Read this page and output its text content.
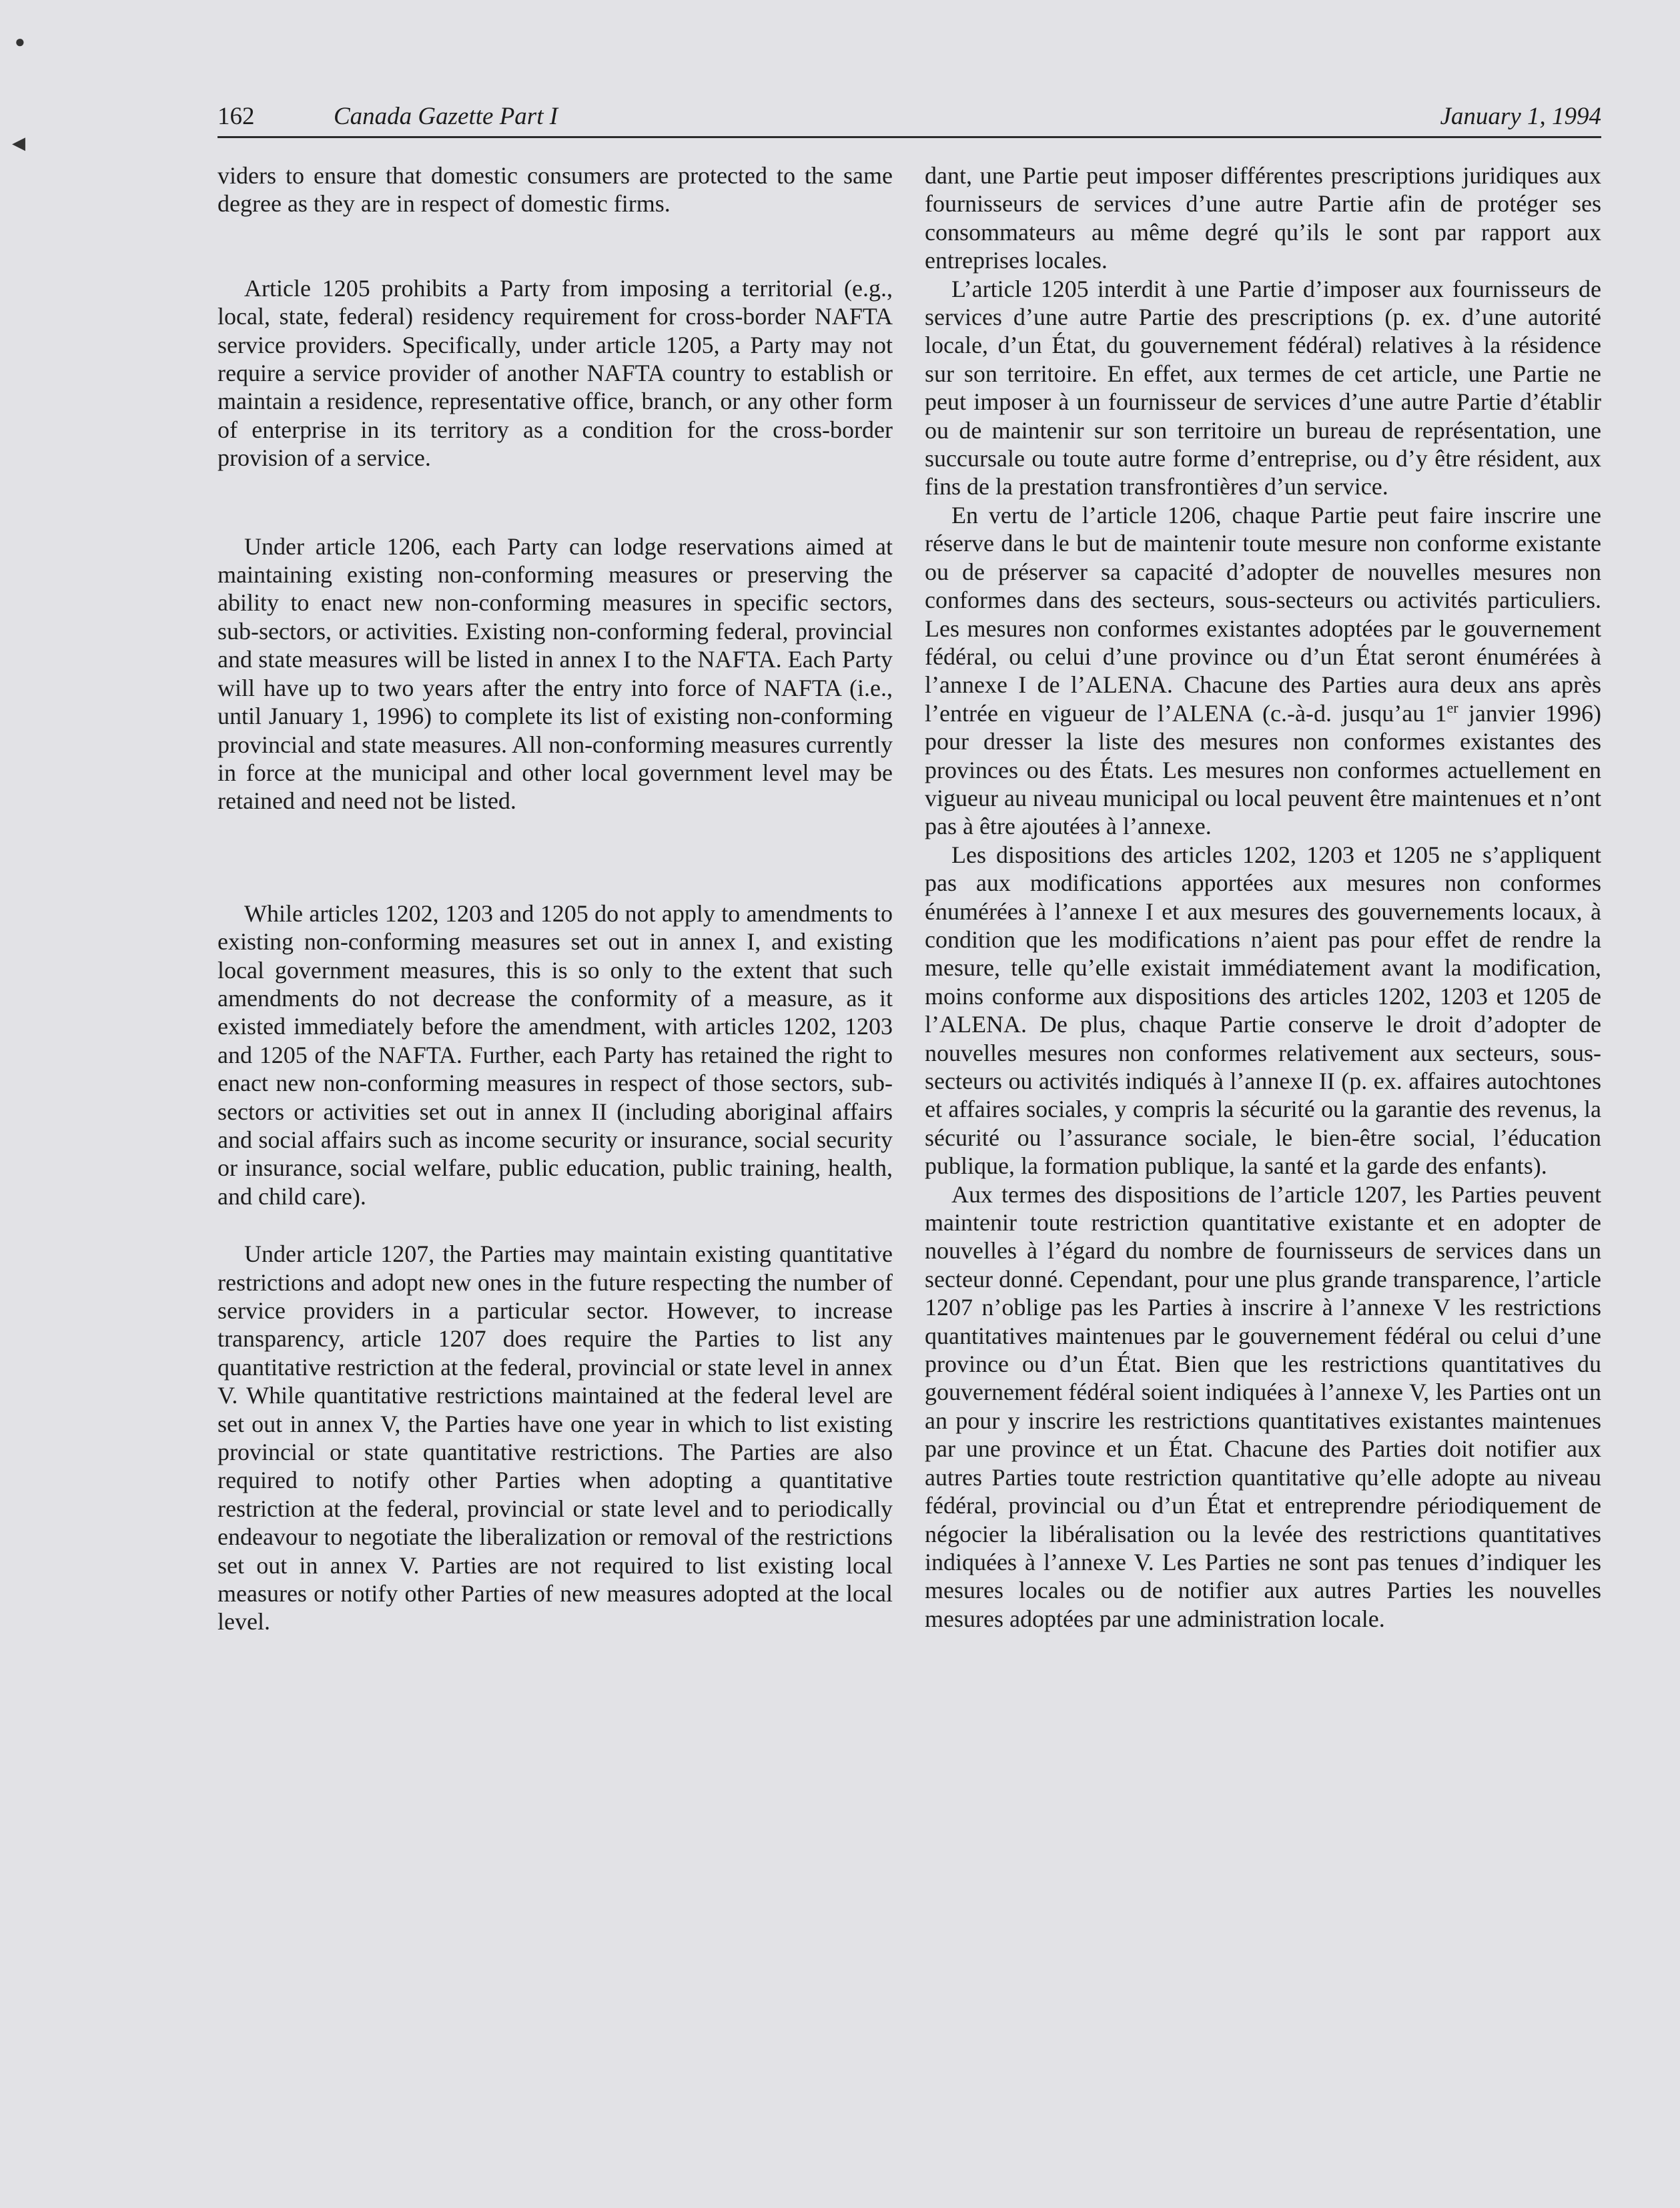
●
◀
162	Canada Gazette Part I	January 1, 1994

viders to ensure that domestic consumers are protected to the same degree as they are in respect of domestic firms.

Article 1205 prohibits a Party from imposing a territorial (e.g., local, state, federal) residency requirement for cross-border NAFTA service providers. Specifically, under article 1205, a Party may not require a service provider of another NAFTA country to establish or maintain a residence, representative office, branch, or any other form of enterprise in its territory as a condition for the cross-border provision of a service.

Under article 1206, each Party can lodge reservations aimed at maintaining existing non-conforming measures or preserving the ability to enact new non-conforming measures in specific sectors, sub-sectors, or activities. Existing non-conforming federal, provincial and state measures will be listed in annex I to the NAFTA. Each Party will have up to two years after the entry into force of NAFTA (i.e., until January 1, 1996) to complete its list of existing non-conforming provincial and state measures. All non-conforming measures currently in force at the municipal and other local government level may be retained and need not be listed.

While articles 1202, 1203 and 1205 do not apply to amendments to existing non-conforming measures set out in annex I, and existing local government measures, this is so only to the extent that such amendments do not decrease the conformity of a measure, as it existed immediately before the amendment, with articles 1202, 1203 and 1205 of the NAFTA. Further, each Party has retained the right to enact new non-conforming measures in respect of those sectors, sub-sectors or activities set out in annex II (including aboriginal affairs and social affairs such as income security or insurance, social security or insurance, social welfare, public education, public training, health, and child care).

Under article 1207, the Parties may maintain existing quantitative restrictions and adopt new ones in the future respecting the number of service providers in a particular sector. However, to increase transparency, article 1207 does require the Parties to list any quantitative restriction at the federal, provincial or state level in annex V. While quantitative restrictions maintained at the federal level are set out in annex V, the Parties have one year in which to list existing provincial or state quantitative restrictions. The Parties are also required to notify other Parties when adopting a quantitative restriction at the federal, provincial or state level and to periodically endeavour to negotiate the liberalization or removal of the restrictions set out in annex V. Parties are not required to list existing local measures or notify other Parties of new measures adopted at the local level.

dant, une Partie peut imposer différentes prescriptions juridiques aux fournisseurs de services d’une autre Partie afin de protéger ses consommateurs au même degré qu’ils le sont par rapport aux entreprises locales.

L’article 1205 interdit à une Partie d’imposer aux fournisseurs de services d’une autre Partie des prescriptions (p. ex. d’une autorité locale, d’un État, du gouvernement fédéral) relatives à la résidence sur son territoire. En effet, aux termes de cet article, une Partie ne peut imposer à un fournisseur de services d’une autre Partie d’établir ou de maintenir sur son territoire un bureau de représentation, une succursale ou toute autre forme d’entreprise, ou d’y être résident, aux fins de la prestation transfrontières d’un service.

En vertu de l’article 1206, chaque Partie peut faire inscrire une réserve dans le but de maintenir toute mesure non conforme existante ou de préserver sa capacité d’adopter de nouvelles mesures non conformes dans des secteurs, sous-secteurs ou activités particuliers. Les mesures non conformes existantes adoptées par le gouvernement fédéral, ou celui d’une province ou d’un État seront énumérées à l’annexe I de l’ALENA. Chacune des Parties aura deux ans après l’entrée en vigueur de l’ALENA (c.-à-d. jusqu’au 1er janvier 1996) pour dresser la liste des mesures non conformes existantes des provinces ou des États. Les mesures non conformes actuellement en vigueur au niveau municipal ou local peuvent être maintenues et n’ont pas à être ajoutées à l’annexe.

Les dispositions des articles 1202, 1203 et 1205 ne s’appliquent pas aux modifications apportées aux mesures non conformes énumérées à l’annexe I et aux mesures des gouvernements locaux, à condition que les modifications n’aient pas pour effet de rendre la mesure, telle qu’elle existait immédiatement avant la modification, moins conforme aux dispositions des articles 1202, 1203 et 1205 de l’ALENA. De plus, chaque Partie conserve le droit d’adopter de nouvelles mesures non conformes relativement aux secteurs, sous-secteurs ou activités indiqués à l’annexe II (p. ex. affaires autochtones et affaires sociales, y compris la sécurité ou la garantie des revenus, la sécurité ou l’assurance sociale, le bien-être social, l’éducation publique, la formation publique, la santé et la garde des enfants).

Aux termes des dispositions de l’article 1207, les Parties peuvent maintenir toute restriction quantitative existante et en adopter de nouvelles à l’égard du nombre de fournisseurs de services dans un secteur donné. Cependant, pour une plus grande transparence, l’article 1207 n’oblige pas les Parties à inscrire à l’annexe V les restrictions quantitatives maintenues par le gouvernement fédéral ou celui d’une province ou d’un État. Bien que les restrictions quantitatives du gouvernement fédéral soient indiquées à l’annexe V, les Parties ont un an pour y inscrire les restrictions quantitatives existantes maintenues par une province et un État. Chacune des Parties doit notifier aux autres Parties toute restriction quantitative qu’elle adopte au niveau fédéral, provincial ou d’un État et entreprendre périodiquement de négocier la libéralisation ou la levée des restrictions quantitatives indiquées à l’annexe V. Les Parties ne sont pas tenues d’indiquer les mesures locales ou de notifier aux autres Parties les nouvelles mesures adoptées par une administration locale.
